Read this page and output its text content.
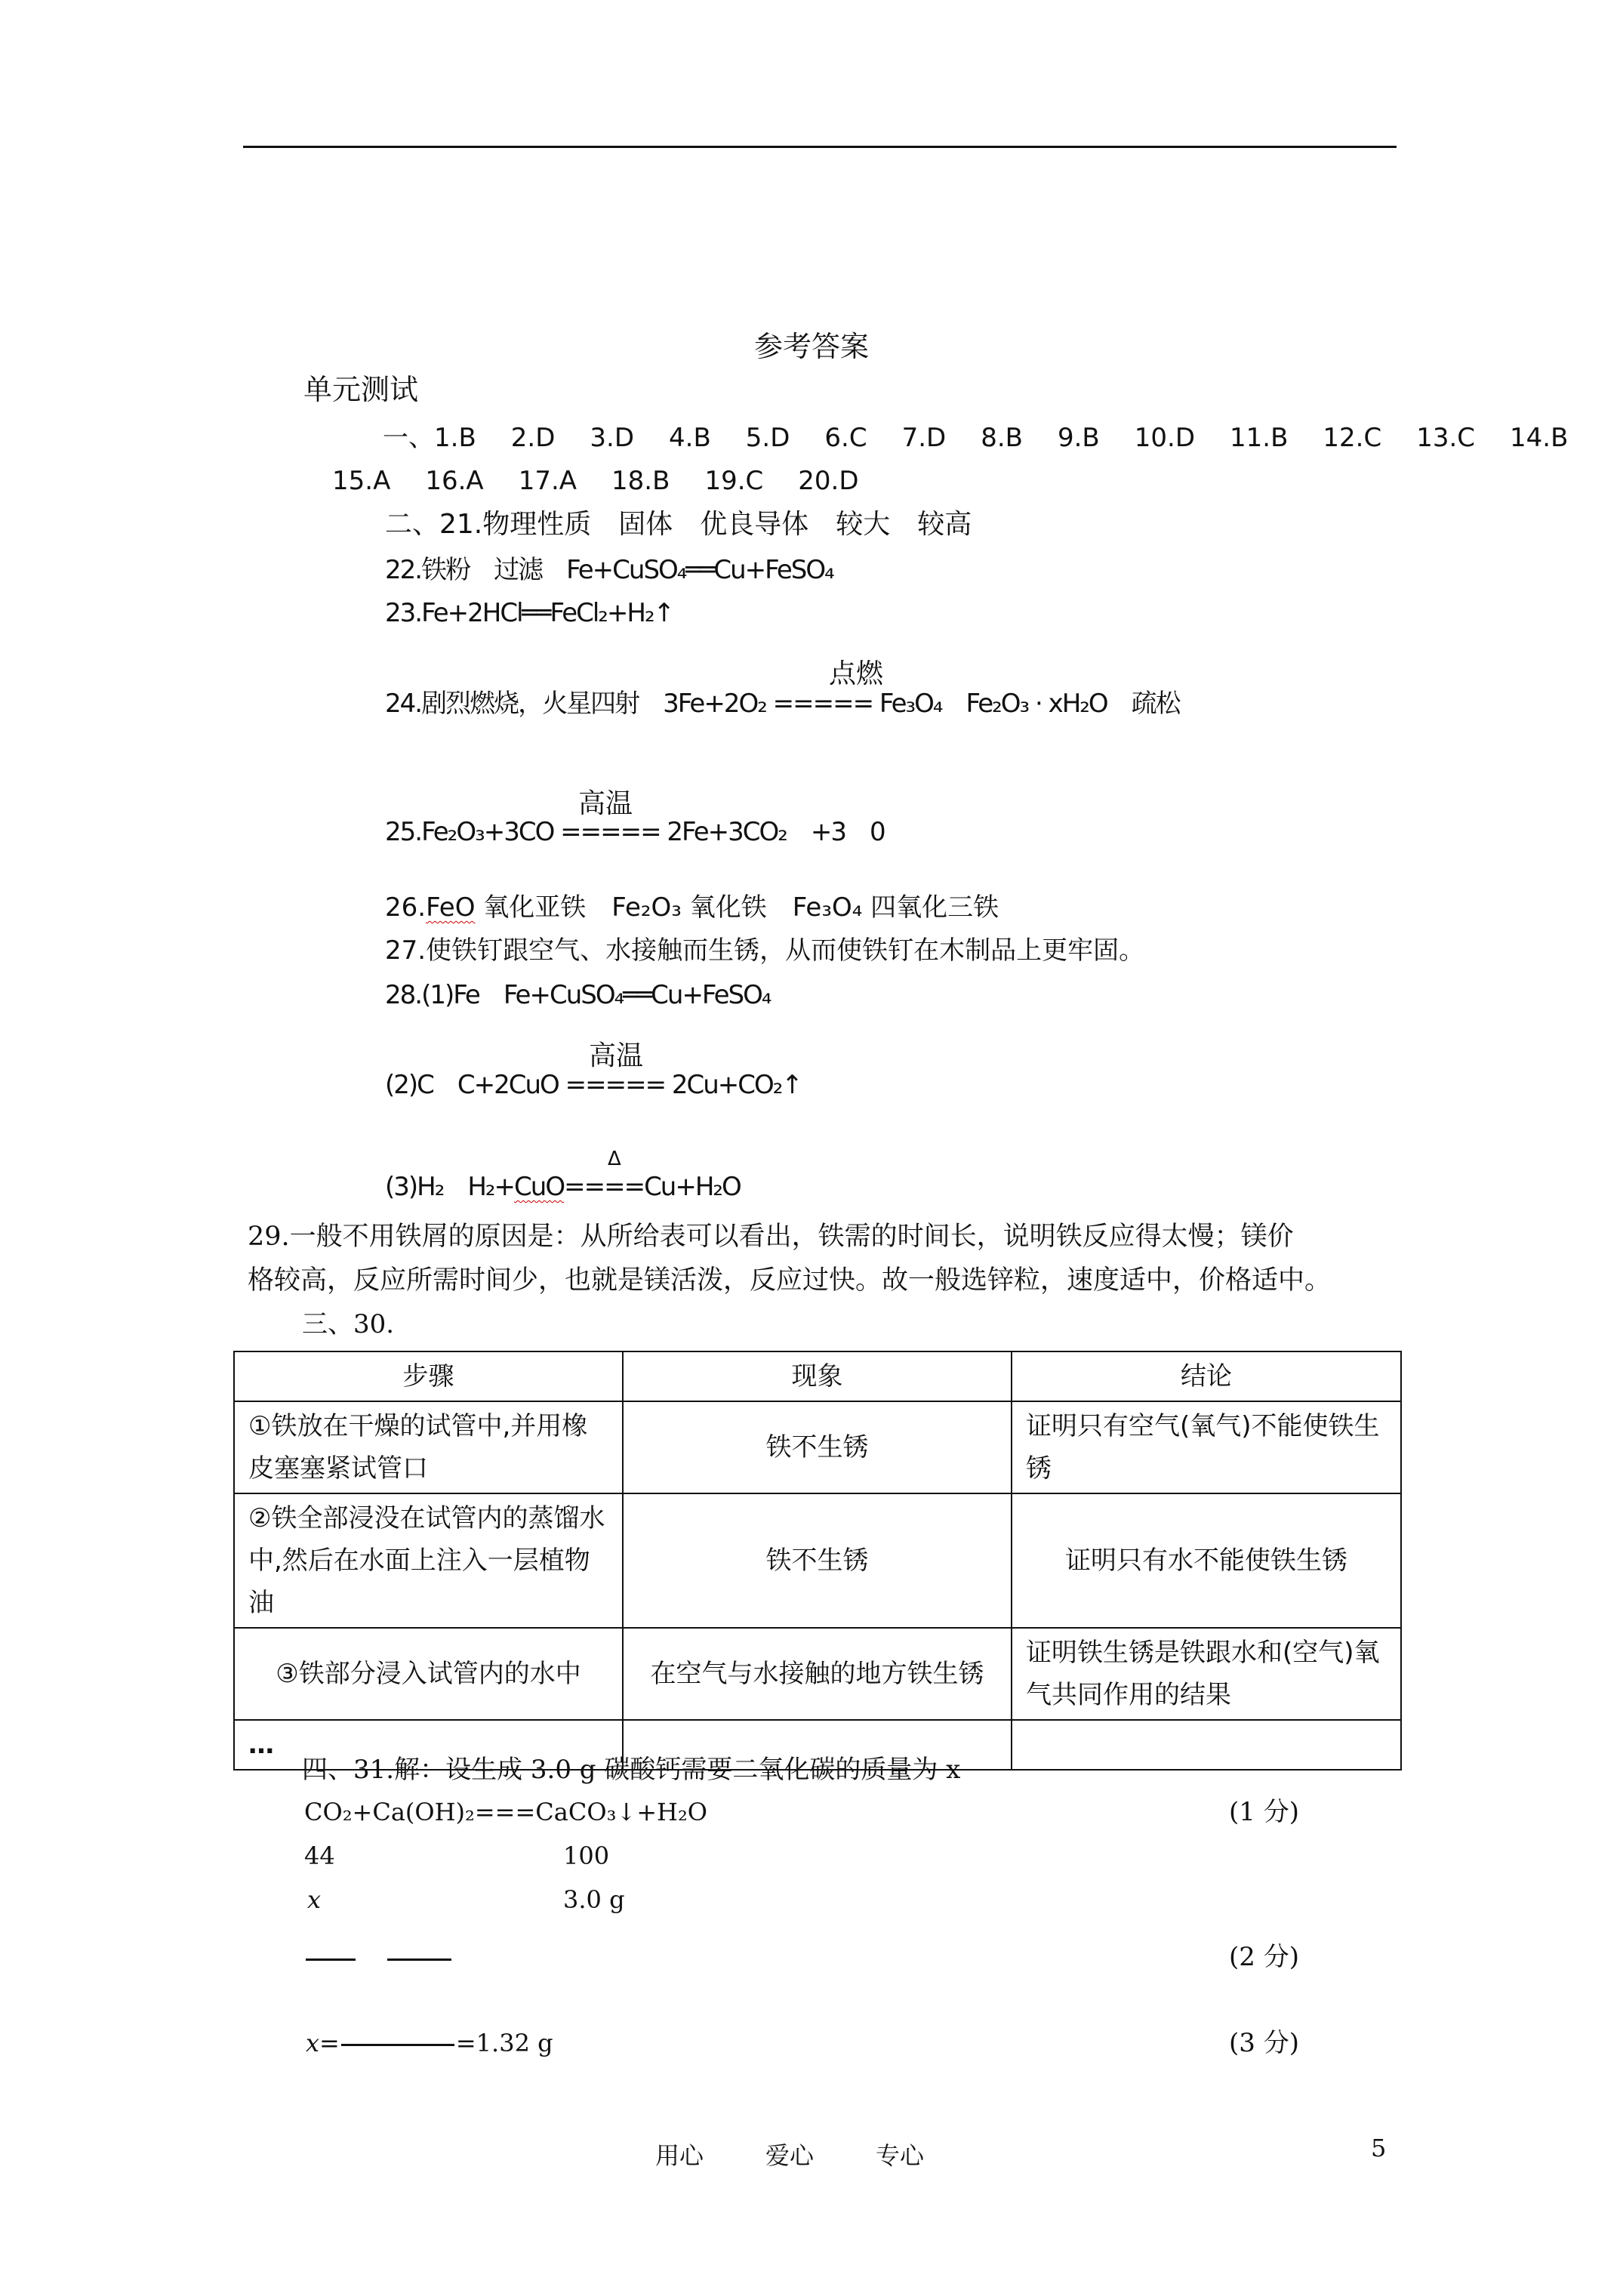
参考答案
单元测试
一、1.B 2.D 3.D 4.B 5.D 6.C 7.D 8.B 9.B 10.D 11.B 12.C 13.C 14.B
15.A 16.A 17.A 18.B 19.C 20.D
二、21.物理性质　固体　优良导体　较大　较高
22.铁粉　过滤　Fe+CuSO₄══Cu+FeSO₄
23.Fe+2HCl══FeCl₂+H₂↑
点燃
24.剧烈燃烧，火星四射　3Fe+2O₂ ===== Fe₃O₄　Fe₂O₃ · xH₂O　疏松
高温
25.Fe₂O₃+3CO ===== 2Fe+3CO₂　+3　0
26.FeO 氧化亚铁　Fe₂O₃ 氧化铁　Fe₃O₄ 四氧化三铁
27.使铁钉跟空气、水接触而生锈，从而使铁钉在木制品上更牢固。
28.(1)Fe　Fe+CuSO₄══Cu+FeSO₄
高温
(2)C　C+2CuO ===== 2Cu+CO₂↑
Δ
(3)H₂　H₂+CuO====Cu+H₂O
29.一般不用铁屑的原因是：从所给表可以看出，铁需的时间长，说明铁反应得太慢；镁价
格较高，反应所需时间少，也就是镁活泼，反应过快。故一般选锌粒，速度适中，价格适中。
三、30.
步骤	现象	结论
①铁放在干燥的试管中,并用橡皮塞塞紧试管口	铁不生锈	证明只有空气(氧气)不能使铁生锈
②铁全部浸没在试管内的蒸馏水中,然后在水面上注入一层植物油	铁不生锈	证明只有水不能使铁生锈
③铁部分浸入试管内的水中	在空气与水接触的地方铁生锈	证明铁生锈是铁跟水和(空气)氧气共同作用的结果
…		
四、31.解：设生成 3.0 g 碳酸钙需要二氧化碳的质量为 x
CO₂+Ca(OH)₂===CaCO₃↓+H₂O	(1 分)
44	100
x	3.0 g
(2 分)
x=	=1.32 g	(3 分)
用心	爱心	专心	5
